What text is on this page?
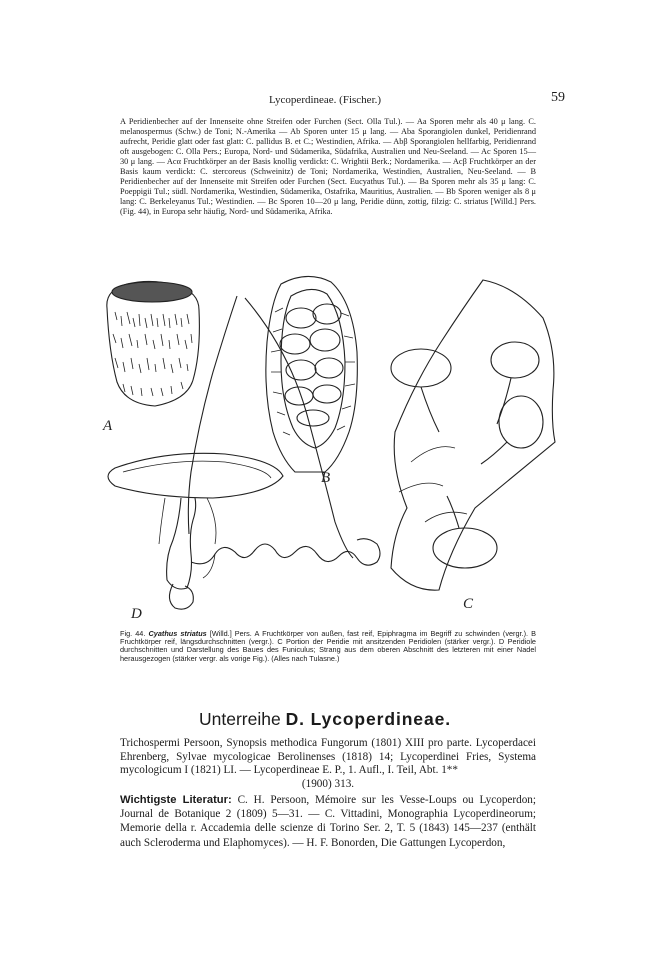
Lycoperdineae. (Fischer.)	59

A Peridienbecher auf der Innenseite ohne Streifen oder Furchen (Sect. Olla Tul.). — Aa Sporen mehr als 40 μ lang. C. melanospermus (Schw.) de Toni; N.-Amerika — Ab Sporen unter 15 μ lang. — Aba Sporangiolen dunkel, Peridienrand aufrecht, Peridie glatt oder fast glatt: C. pallidus B. et C.; Westindien, Afrika. — Abβ Sporangiolen hellfarbig, Peridienrand oft ausgebogen: C. Olla Pers.; Europa, Nord- und Südamerika, Südafrika, Australien und Neu-Seeland. — Ac Sporen 15—30 μ lang. — Acα Fruchtkörper an der Basis knollig verdickt: C. Wrightii Berk.; Nordamerika. — Acβ Fruchtkörper an der Basis kaum verdickt: C. stercoreus (Schweinitz) de Toni; Nordamerika, Westindien, Australien, Neu-Seeland. — B Peridienbecher auf der Innenseite mit Streifen oder Furchen (Sect. Eucyathus Tul.). — Ba Sporen mehr als 35 μ lang: C. Poeppigii Tul.; südl. Nordamerika, Westindien, Südamerika, Ostafrika, Mauritius, Australien. — Bb Sporen weniger als 8 μ lang: C. Berkeleyanus Tul.; Westindien. — Bc Sporen 10—20 μ lang, Peridie dünn, zottig, filzig: C. striatus [Willd.] Pers. (Fig. 44), in Europa sehr häufig, Nord- und Südamerika, Afrika.

A
B
C
D
Fig. 44. Cyathus striatus [Willd.] Pers. A Fruchtkörper von außen, fast reif, Epiphragma im Begriff zu schwinden (vergr.). B Fruchtkörper reif, längsdurchschnitten (vergr.). C Portion der Peridie mit ansitzenden Peridiolen (stärker vergr.). D Peridiole durchschnitten und Darstellung des Baues des Funiculus; Strang aus dem oberen Abschnitt des letzteren mit einer Nadel herausgezogen (stärker vergr. als vorige Fig.). (Alles nach Tulasne.)
Unterreihe D. Lycoperdineae.
Trichospermi Persoon, Synopsis methodica Fungorum (1801) XIII pro parte. Lycoperdacei Ehrenberg, Sylvae mycologicae Berolinenses (1818) 14; Lycoperdinei Fries, Systema mycologicum I (1821) LI. — Lycoperdineae E. P., 1. Aufl., I. Teil, Abt. 1**
(1900) 313.
Wichtigste Literatur: C. H. Persoon, Mémoire sur les Vesse-Loups ou Lycoperdon; Journal de Botanique 2 (1809) 5—31. — C. Vittadini, Monographia Lycoperdineorum; Memorie della r. Accademia delle scienze di Torino Ser. 2, T. 5 (1843) 145—237 (enthält auch Scleroderma und Elaphomyces). — H. F. Bonorden, Die Gattungen Lycoperdon,
